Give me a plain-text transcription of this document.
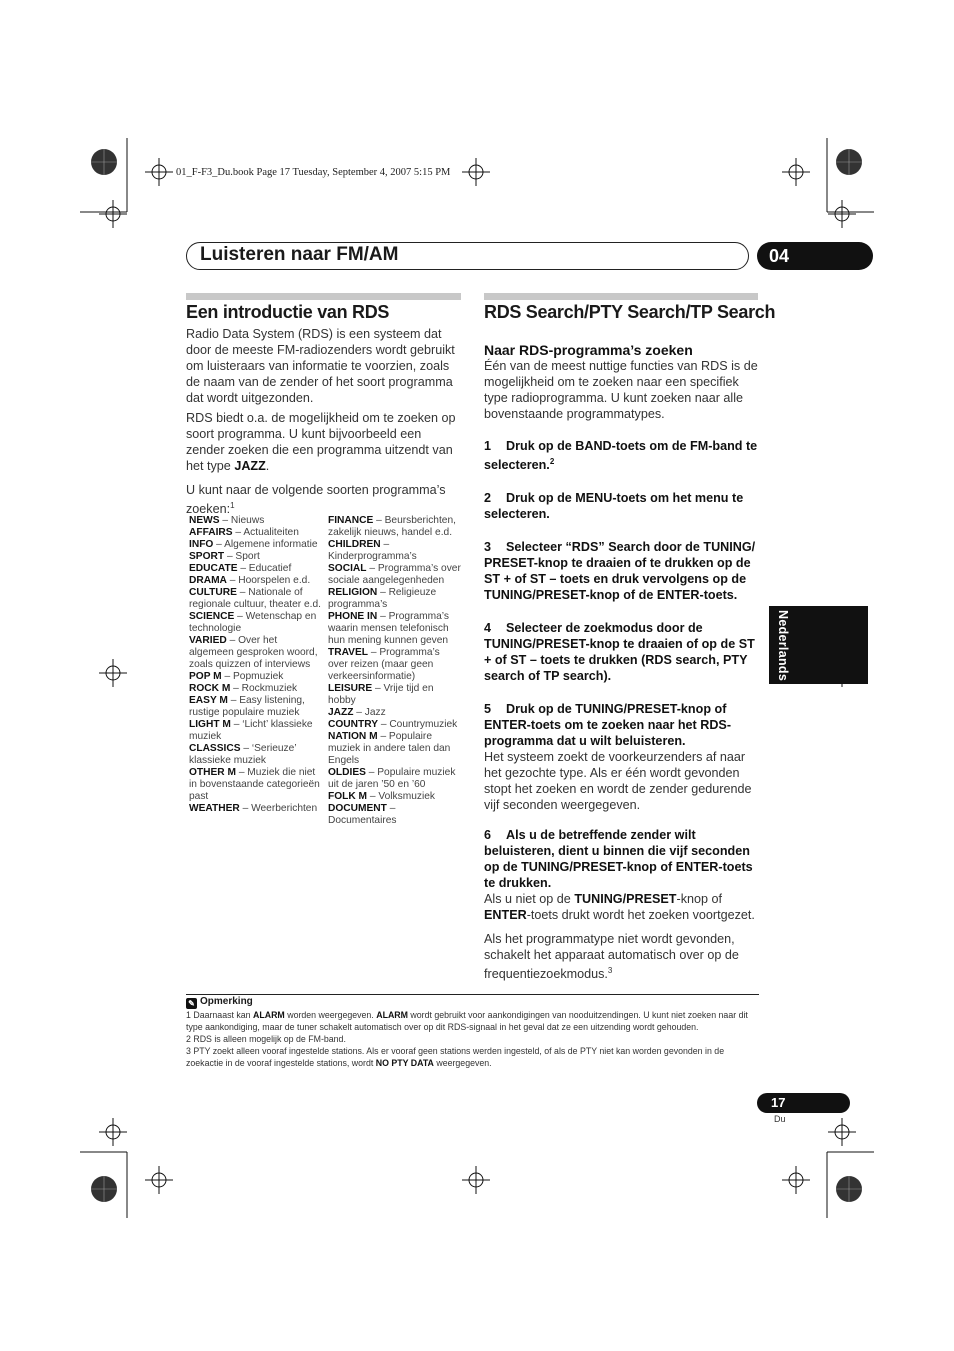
01_F-F3_Du.book Page 17 Tuesday, September 4, 2007 5:15 PM
Luisteren naar FM/AM	04
Een introductie van RDS

Radio Data System (RDS) is een systeem dat door de meeste FM-radiozenders wordt gebruikt om luisteraars van informatie te voorzien, zoals de naam van de zender of het soort programma dat wordt uitgezonden.

RDS biedt o.a. de mogelijkheid om te zoeken op soort programma. U kunt bijvoorbeeld een zender zoeken die een programma uitzendt van het type JAZZ.

U kunt naar de volgende soorten programma’s zoeken:$^1$

NEWS – Nieuws
AFFAIRS – Actualiteiten
INFO – Algemene informatie
SPORT – Sport
EDUCATE – Educatief
DRAMA – Hoorspelen e.d.
CULTURE – Nationale of regionale cultuur, theater e.d.
SCIENCE – Wetenschap en technologie
VARIED – Over het algemeen gesproken woord, zoals quizzen of interviews
POP M – Popmuziek
ROCK M – Rockmuziek
EASY M – Easy listening, rustige populaire muziek
LIGHT M – ‘Licht’ klassieke muziek
CLASSICS – ‘Serieuze’ klassieke muziek
OTHER M – Muziek die niet in bovenstaande categorieën past
WEATHER – Weerberichten
FINANCE – Beursberichten, zakelijk nieuws, handel e.d.
CHILDREN – Kinderprogramma’s
SOCIAL – Programma’s over sociale aangelegenheden
RELIGION – Religieuze programma’s
PHONE IN – Programma’s waarin mensen telefonisch hun mening kunnen geven
TRAVEL – Programma’s over reizen (maar geen verkeersinformatie)
LEISURE – Vrije tijd en hobby
JAZZ – Jazz
COUNTRY – Countrymuziek
NATION M – Populaire muziek in andere talen dan Engels
OLDIES – Populaire muziek uit de jaren ’50 en ’60
FOLK M – Volksmuziek
DOCUMENT – Documentaires
RDS Search/PTY Search/TP Search
Naar RDS-programma’s zoeken

Één van de meest nuttige functies van RDS is de mogelijkheid om te zoeken naar een specifiek type radioprogramma. U kunt zoeken naar alle bovenstaande programmatypes.

1 Druk op de BAND-toets om de FM-band te selecteren.$^2$
2 Druk op de MENU-toets om het menu te selecteren.
3 Selecteer “RDS” Search door de TUNING/ PRESET-knop te draaien of te drukken op de ST + of ST – toets en druk vervolgens op de TUNING/PRESET-knop of de ENTER-toets.
4 Selecteer de zoekmodus door de TUNING/PRESET-knop te draaien of op de ST + of ST – toets te drukken (RDS search, PTY search of TP search).
5 Druk op de TUNING/PRESET-knop of ENTER-toets om te zoeken naar het RDS-programma dat u wilt beluisteren.

Het systeem zoekt de voorkeurzenders af naar het gezochte type. Als er één wordt gevonden stopt het zoeken en wordt de zender gedurende vijf seconden weergegeven.

6 Als u de betreffende zender wilt beluisteren, dient u binnen die vijf seconden op de TUNING/PRESET-knop of ENTER-toets te drukken.

Als u niet op de TUNING/PRESET-knop of ENTER-toets drukt wordt het zoeken voortgezet.

Als het programmatype niet wordt gevonden, schakelt het apparaat automatisch over op de frequentiezoekmodus.$^3$

Nederlands
✎ Opmerking
1 Daarnaast kan ALARM worden weergegeven. ALARM wordt gebruikt voor aankondigingen van nooduitzendingen. U kunt niet zoeken naar dit type aankondiging, maar de tuner schakelt automatisch over op dit RDS-signaal in het geval dat ze een uitzending wordt gehouden.
2 RDS is alleen mogelijk op de FM-band.
3 PTY zoekt alleen vooraf ingestelde stations. Als er vooraf geen stations werden ingesteld, of als de PTY niet kan worden gevonden in de zoekactie in de vooraf ingestelde stations, wordt NO PTY DATA weergegeven.
17
Du
